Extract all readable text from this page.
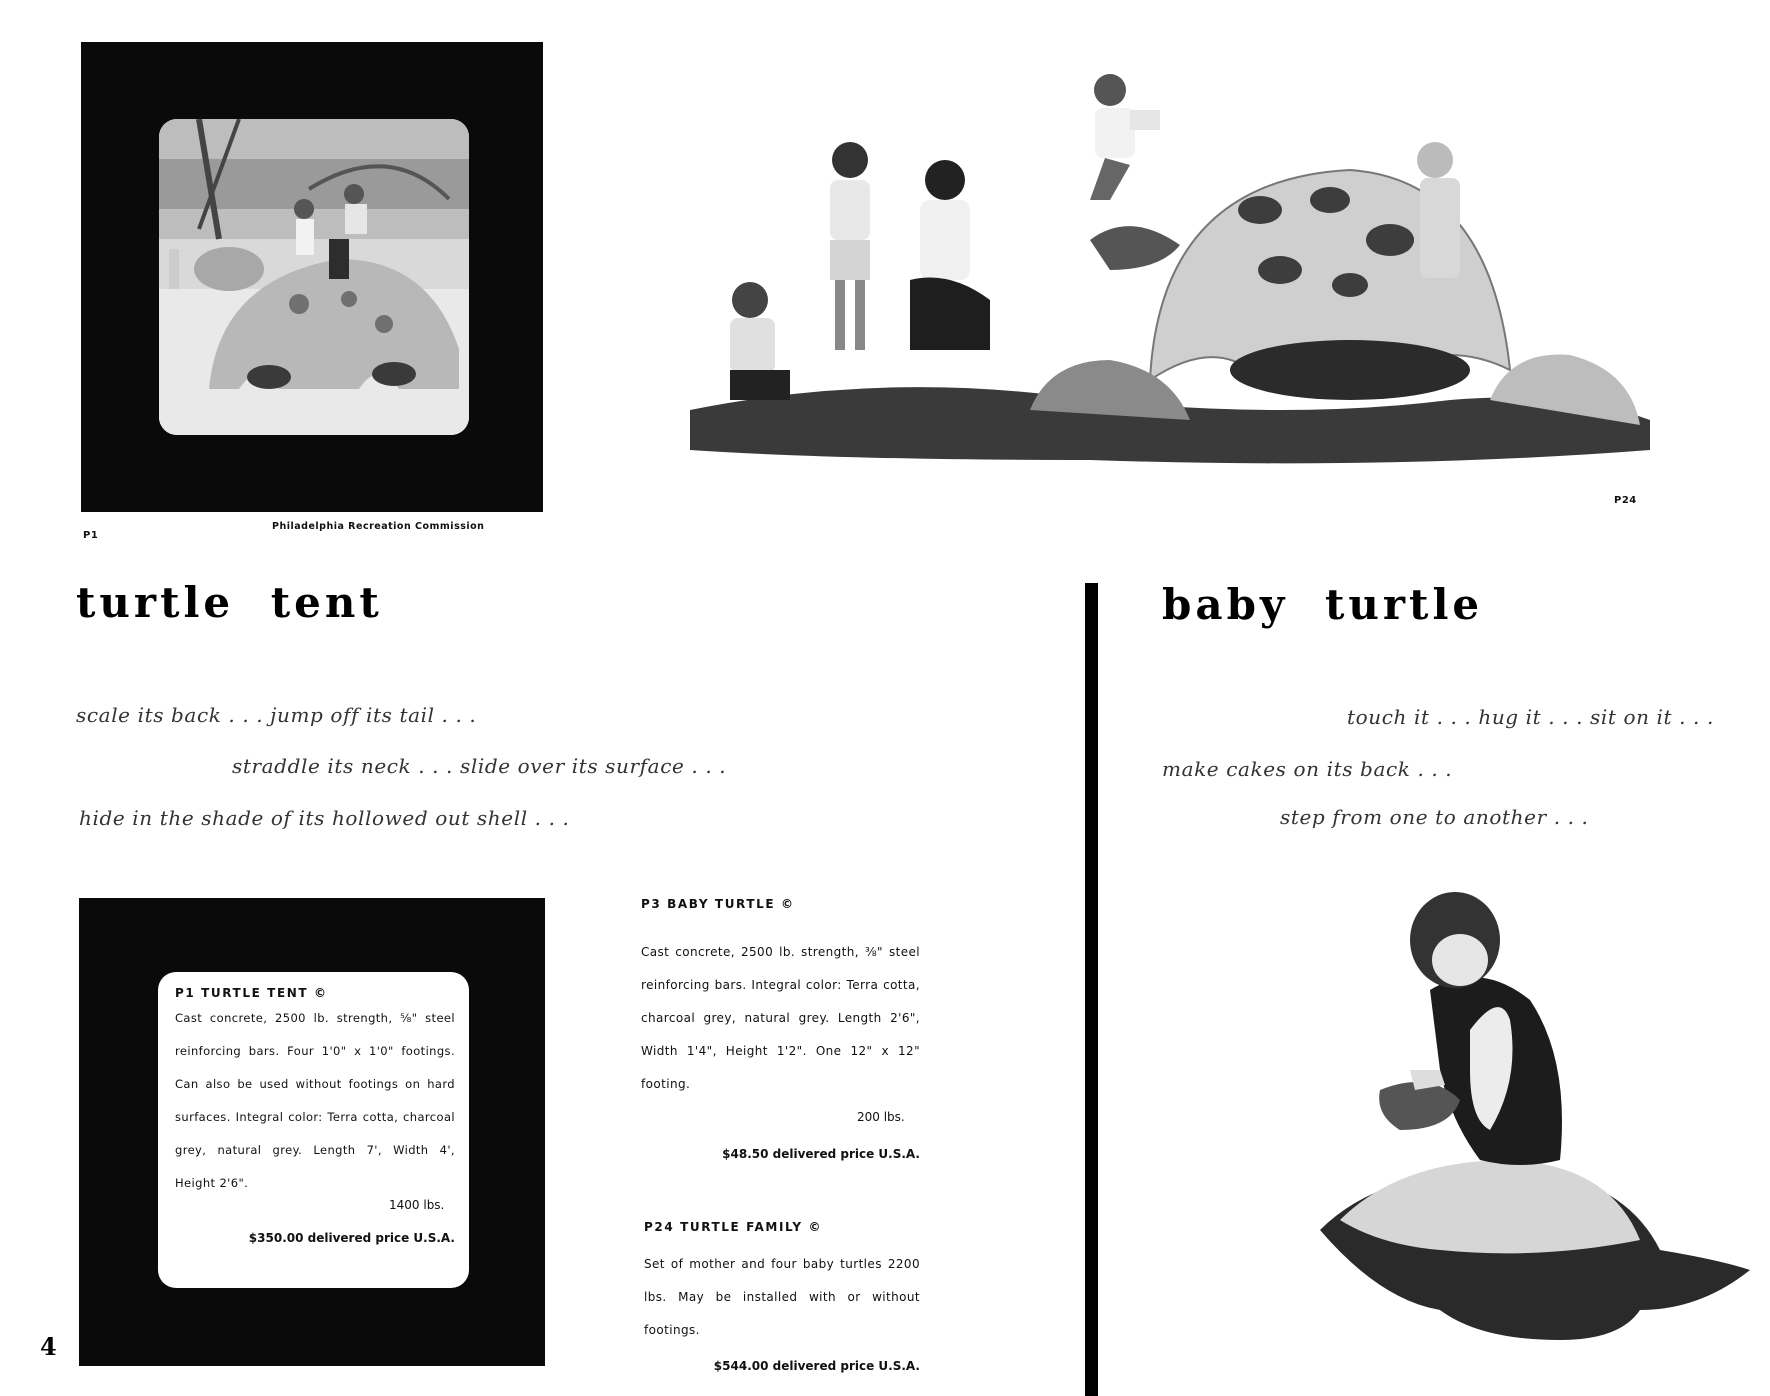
P1
Philadelphia Recreation Commission
P24
turtle tent	baby turtle
scale its back . . . jump off its tail . . .
straddle its neck . . . slide over its surface . . .
hide in the shade of its hollowed out shell . . .
touch it . . . hug it . . . sit on it . . .
make cakes on its back . . .
step from one to another . . .
P1 TURTLE TENT ©
Cast concrete, 2500 lb. strength, ⅝" steel reinforcing bars. Four 1'0" x 1'0" footings. Can also be used without footings on hard surfaces. Integral color: Terra cotta, charcoal grey, natural grey. Length 7', Width 4', Height 2'6".
1400 lbs.
$350.00 delivered price U.S.A.
P3 BABY TURTLE ©
Cast concrete, 2500 lb. strength, ⅜" steel reinforcing bars. Integral color: Terra cotta, charcoal grey, natural grey. Length 2'6", Width 1'4", Height 1'2". One 12" x 12" footing.
200 lbs.
$48.50 delivered price U.S.A.
P24 TURTLE FAMILY ©
Set of mother and four baby turtles 2200 lbs. May be installed with or without footings.
$544.00 delivered price U.S.A.
4
